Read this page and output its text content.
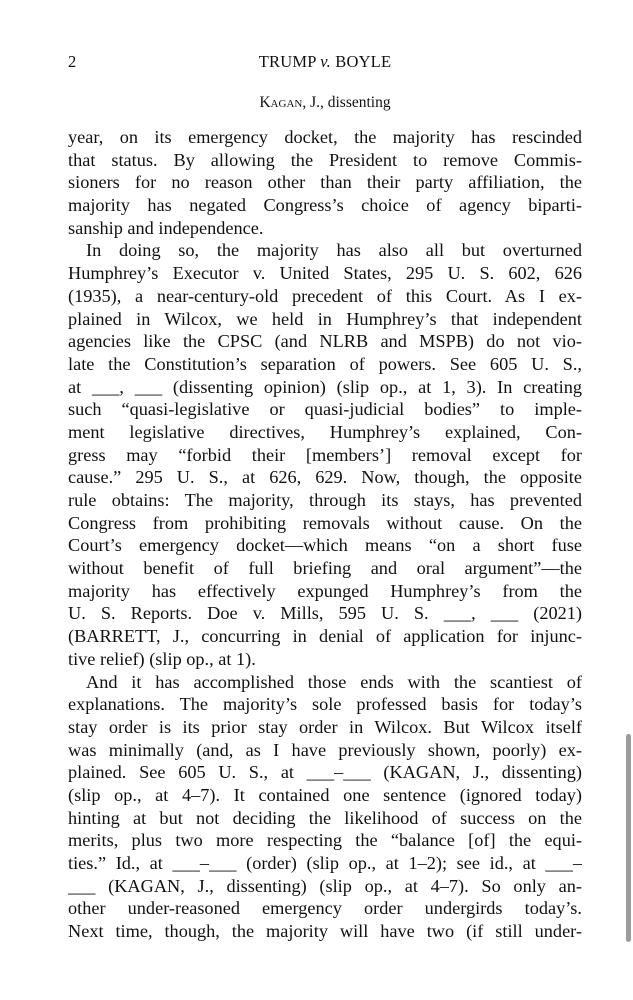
2	TRUMP v. BOYLE
Kagan, J., dissenting
year, on its emergency docket, the majority has rescinded
that status. By allowing the President to remove Commis-
sioners for no reason other than their party affiliation, the
majority has negated Congress’s choice of agency biparti-
sanship and independence.
In doing so, the majority has also all but overturned
Humphrey’s Executor v. United States, 295 U. S. 602, 626
(1935), a near-century-old precedent of this Court. As I ex-
plained in Wilcox, we held in Humphrey’s that independent
agencies like the CPSC (and NLRB and MSPB) do not vio-
late the Constitution’s separation of powers. See 605 U. S.,
at ___, ___ (dissenting opinion) (slip op., at 1, 3). In creating
such “quasi-legislative or quasi-judicial bodies” to imple-
ment legislative directives, Humphrey’s explained, Con-
gress may “forbid their [members’] removal except for
cause.” 295 U. S., at 626, 629. Now, though, the opposite
rule obtains: The majority, through its stays, has prevented
Congress from prohibiting removals without cause. On the
Court’s emergency docket—which means “on a short fuse
without benefit of full briefing and oral argument”—the
majority has effectively expunged Humphrey’s from the
U. S. Reports. Doe v. Mills, 595 U. S. ___, ___ (2021)
(BARRETT, J., concurring in denial of application for injunc-
tive relief) (slip op., at 1).
And it has accomplished those ends with the scantiest of
explanations. The majority’s sole professed basis for today’s
stay order is its prior stay order in Wilcox. But Wilcox itself
was minimally (and, as I have previously shown, poorly) ex-
plained. See 605 U. S., at ___–___ (KAGAN, J., dissenting)
(slip op., at 4–7). It contained one sentence (ignored today)
hinting at but not deciding the likelihood of success on the
merits, plus two more respecting the “balance [of] the equi-
ties.” Id., at ___–___ (order) (slip op., at 1–2); see id., at ___–
___ (KAGAN, J., dissenting) (slip op., at 4–7). So only an-
other under-reasoned emergency order undergirds today’s.
Next time, though, the majority will have two (if still under-
